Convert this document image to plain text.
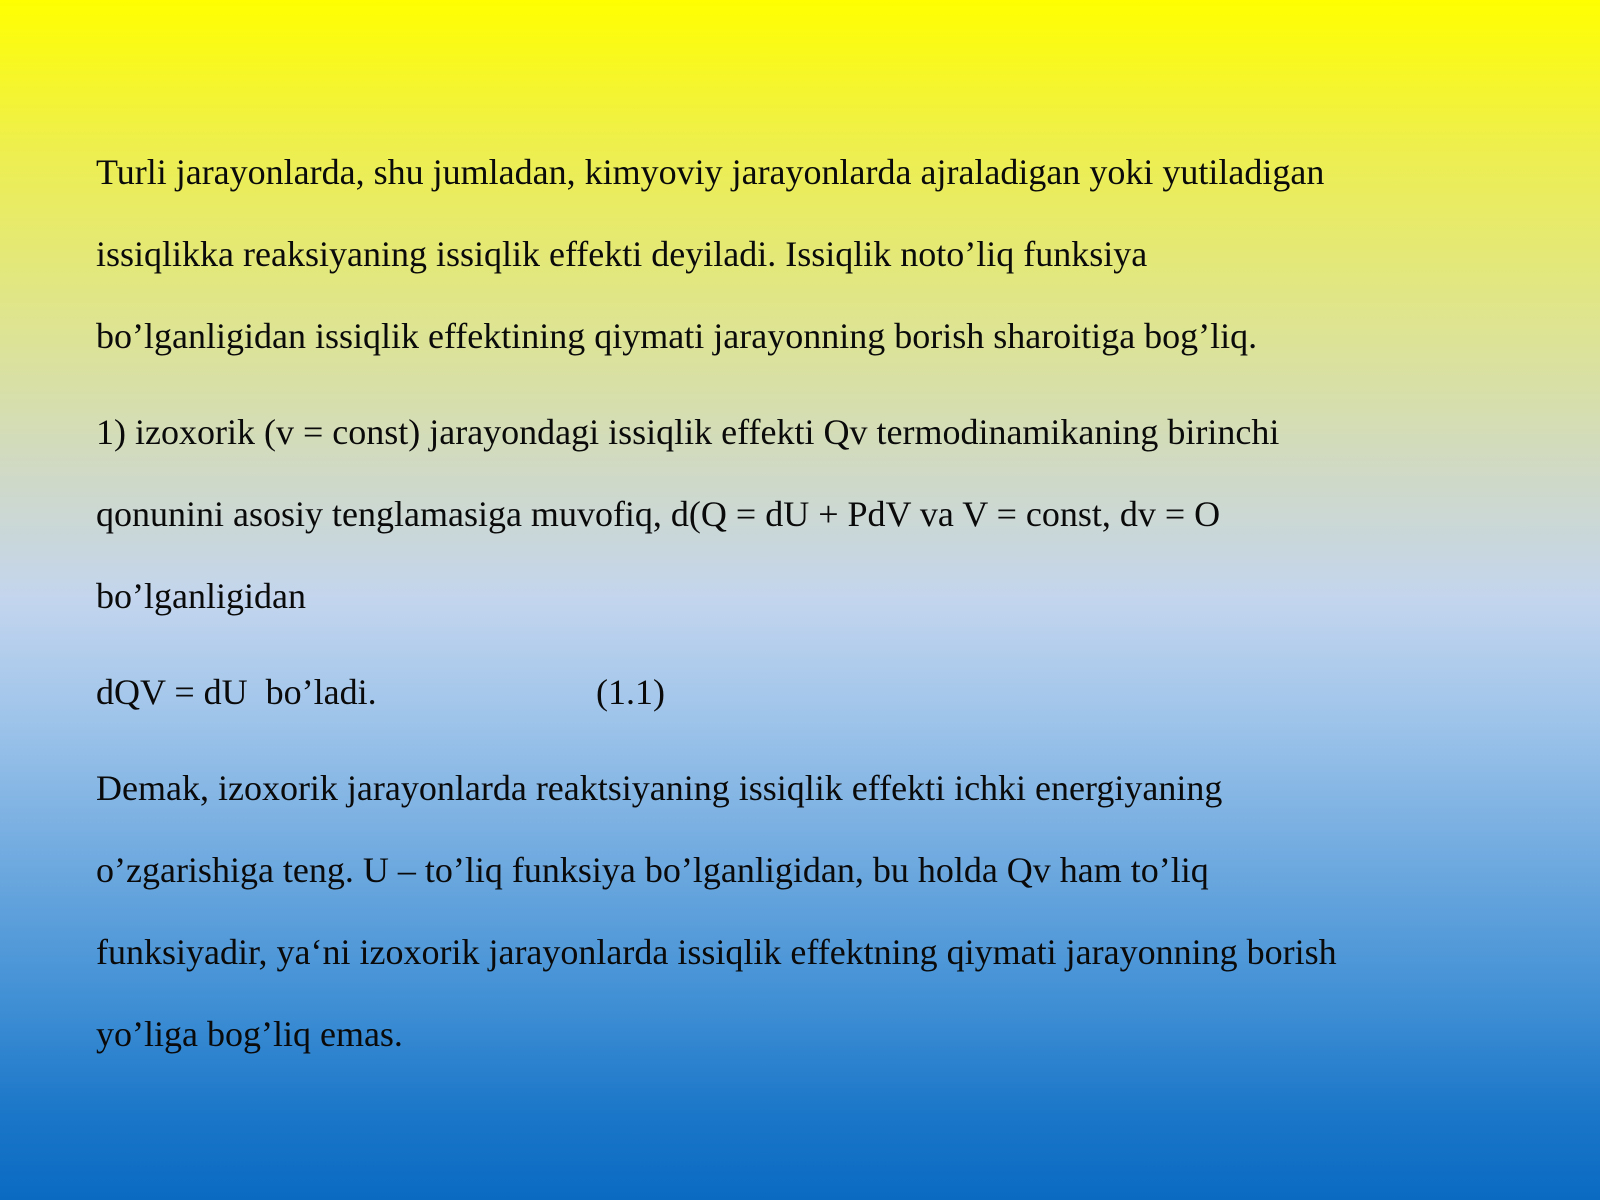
Turli jarayonlarda, shu jumladan, kimyoviy jarayonlarda ajraladigan yoki yutiladigan

issiqlikka reaksiyaning issiqlik effekti deyiladi. Issiqlik noto’liq funksiya

bo’lganligidan issiqlik effektining qiymati jarayonning borish sharoitiga bog’liq.

1) izoxorik (v = const) jarayondagi issiqlik effekti Qv termodinamikaning birinchi

qonunini asosiy tenglamasiga muvofiq, d(Q = dU + PdV va V = const, dv = O

bo’lganligidan

dQV = dU  bo’ladi.	(1.1)

Demak, izoxorik jarayonlarda reaktsiyaning issiqlik effekti ichki energiyaning

o’zgarishiga teng. U – to’liq funksiya bo’lganligidan, bu holda Qv ham to’liq

funksiyadir, ya‘ni izoxorik jarayonlarda issiqlik effektning qiymati jarayonning borish

yo’liga bog’liq emas.
